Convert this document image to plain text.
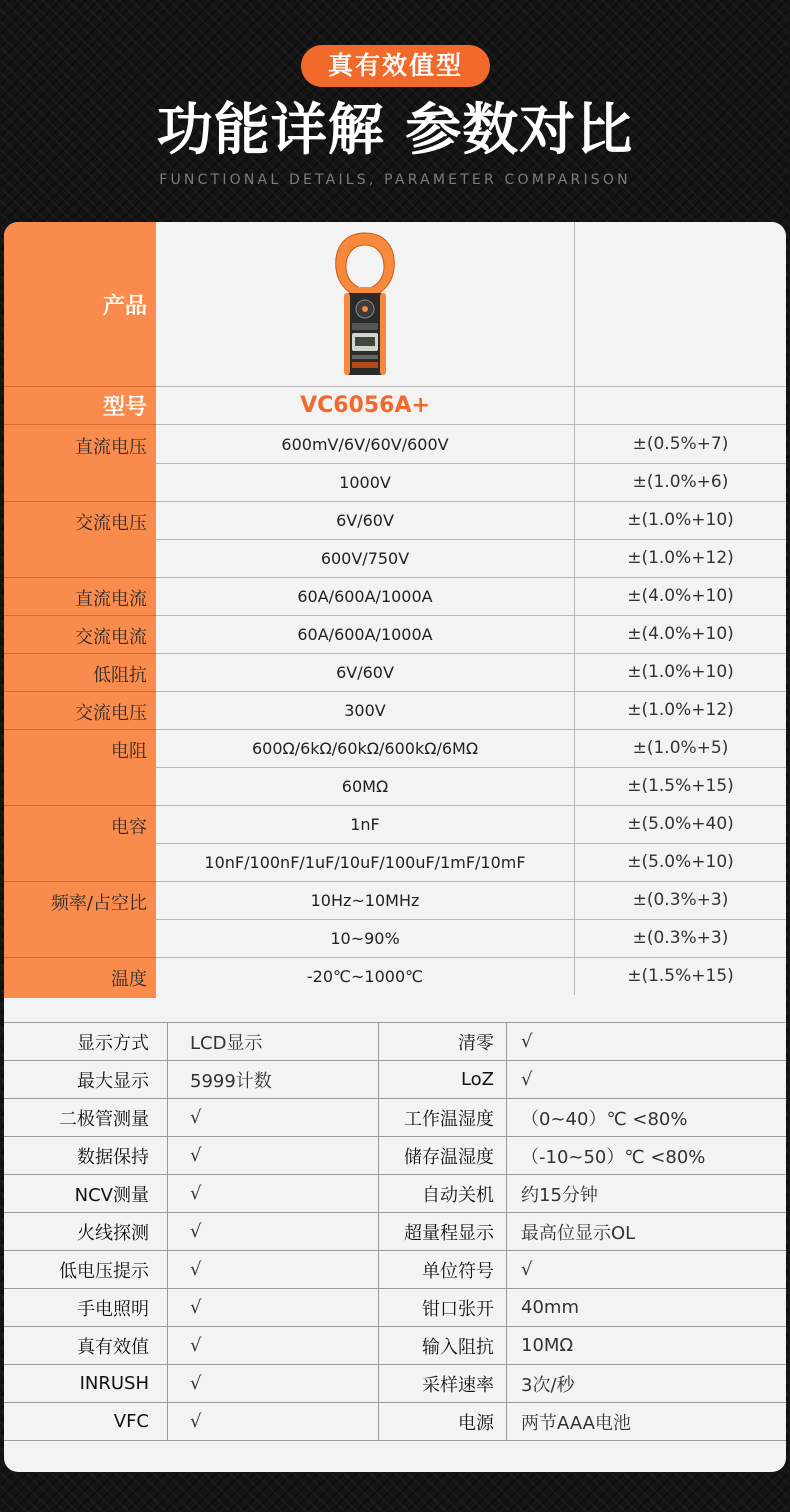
真有效值型
功能详解 参数对比
FUNCTIONAL DETAILS, PARAMETER COMPARISON
产品
型号	VC6056A+
直流电压	600mV/6V/60V/600V	±(0.5%+7)
1000V	±(1.0%+6)
交流电压	6V/60V	±(1.0%+10)
600V/750V	±(1.0%+12)
直流电流	60A/600A/1000A	±(4.0%+10)
交流电流	60A/600A/1000A	±(4.0%+10)
低阻抗	6V/60V	±(1.0%+10)
交流电压	300V	±(1.0%+12)
电阻	600Ω/6kΩ/60kΩ/600kΩ/6MΩ	±(1.0%+5)
60MΩ	±(1.5%+15)
电容	1nF	±(5.0%+40)
10nF/100nF/1uF/10uF/100uF/1mF/10mF	±(5.0%+10)
频率/占空比	10Hz~10MHz	±(0.3%+3)
10~90%	±(0.3%+3)
温度	-20℃~1000℃	±(1.5%+15)
显示方式	LCD显示	清零	√
最大显示	5999计数	LoZ	√
二极管测量	√	工作温湿度	（0~40）℃ <80%
数据保持	√	储存温湿度	（-10~50）℃ <80%
NCV测量	√	自动关机	约15分钟
火线探测	√	超量程显示	最高位显示OL
低电压提示	√	单位符号	√
手电照明	√	钳口张开	40mm
真有效值	√	输入阻抗	10MΩ
INRUSH	√	采样速率	3次/秒
VFC	√	电源	两节AAA电池
